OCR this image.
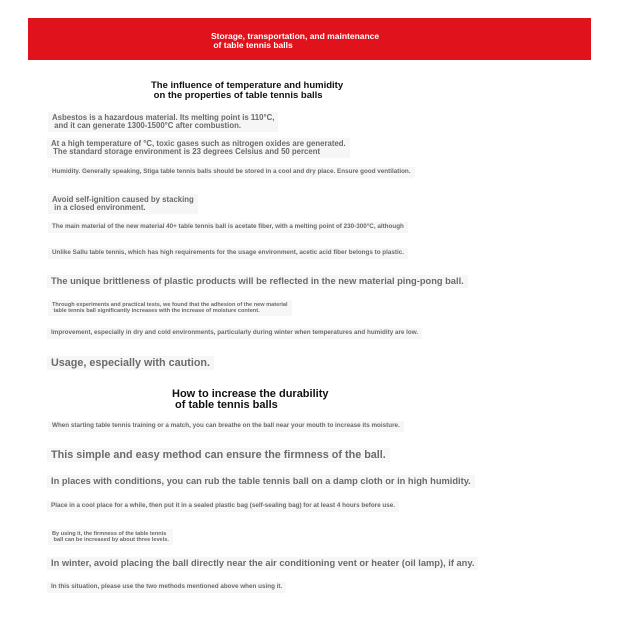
Storage, transportation, and maintenance
of table tennis balls

The influence of temperature and humidity
on the properties of table tennis balls

Asbestos is a hazardous material. Its melting point is 110°C,
and it can generate 1300-1500°C after combustion.

At a high temperature of °C, toxic gases such as nitrogen oxides are generated.
The standard storage environment is 23 degrees Celsius and 50 percent

Humidity. Generally speaking, Stiga table tennis balls should be stored in a cool and dry place. Ensure good ventilation.

Avoid self-ignition caused by stacking
in a closed environment.

The main material of the new material 40+ table tennis ball is acetate fiber, with a melting point of 230-300°C, although

Unlike Sallu table tennis, which has high requirements for the usage environment, acetic acid fiber belongs to plastic.

The unique brittleness of plastic products will be reflected in the new material ping-pong ball.

Through experiments and practical tests, we found that the adhesion of the new material
table tennis ball significantly increases with the increase of moisture content.

Improvement, especially in dry and cold environments, particularly during winter when temperatures and humidity are low.

Usage, especially with caution.

How to increase the durability
of table tennis balls

When starting table tennis training or a match, you can breathe on the ball near your mouth to increase its moisture.

This simple and easy method can ensure the firmness of the ball.

In places with conditions, you can rub the table tennis ball on a damp cloth or in high humidity.

Place in a cool place for a while, then put it in a sealed plastic bag (self-sealing bag) for at least 4 hours before use.

By using it, the firmness of the table tennis
ball can be increased by about three levels.

In winter, avoid placing the ball directly near the air conditioning vent or heater (oil lamp), if any.

In this situation, please use the two methods mentioned above when using it.
